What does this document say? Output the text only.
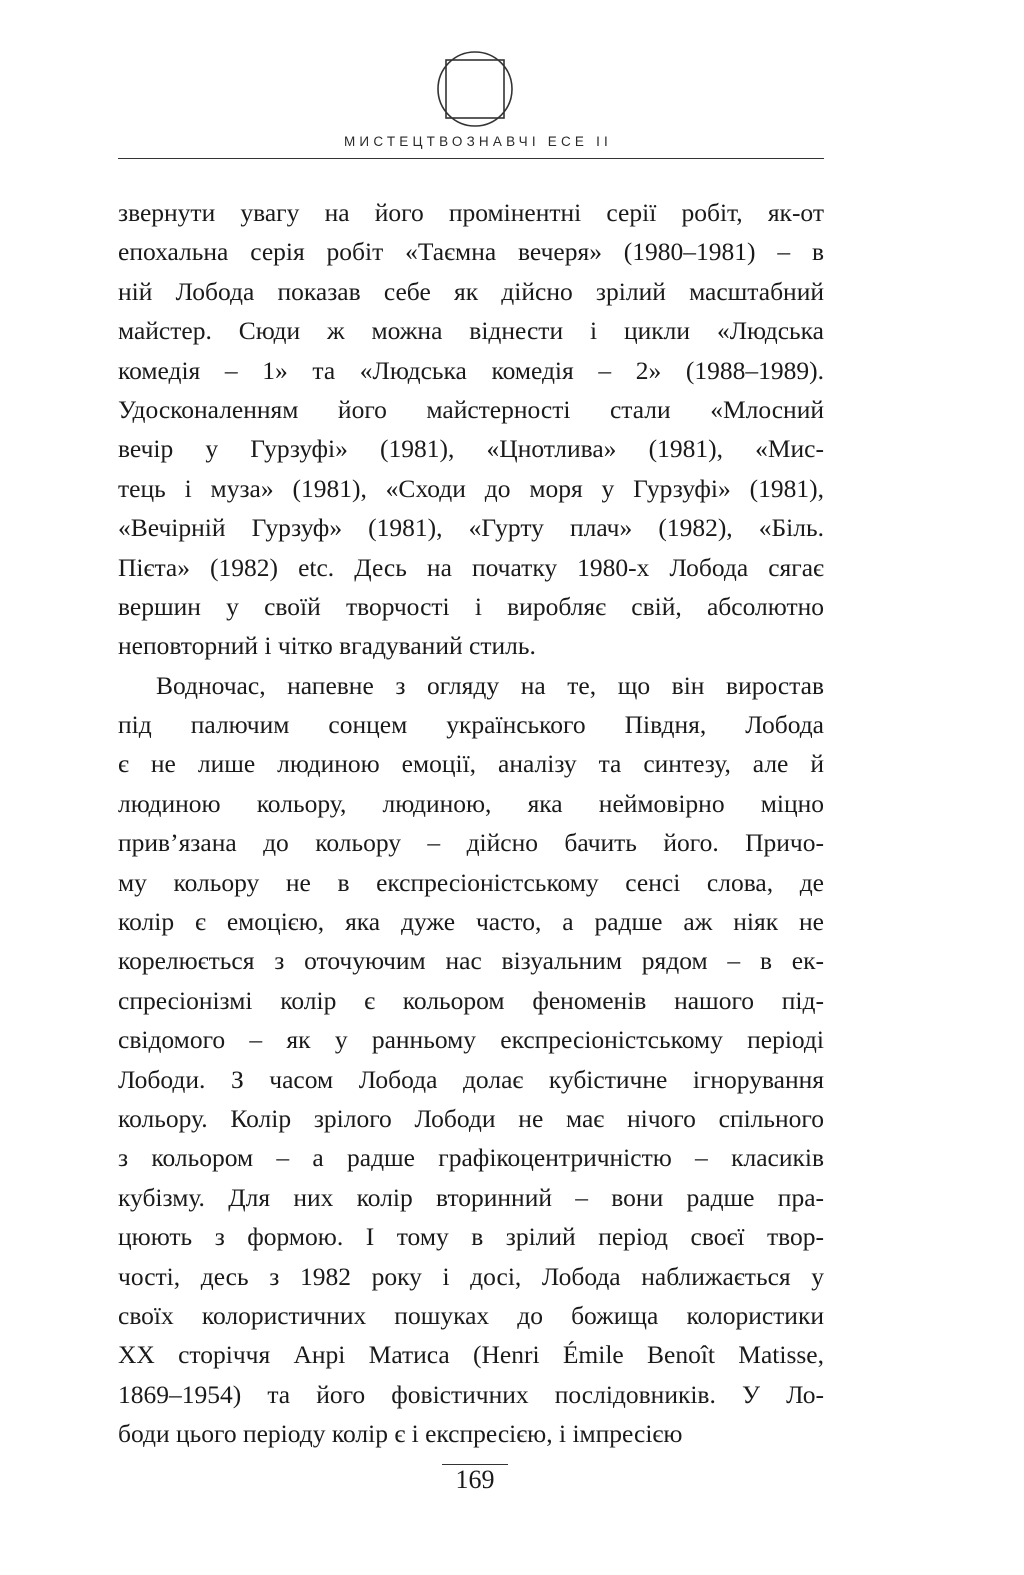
МИСТЕЦТВОЗНАВЧІ ЕСЕ ІІ
звернути увагу на його промінентні серії робіт, як-от
епохальна серія робіт «Таємна вечеря» (1980–1981) – в
ній Лобода показав себе як дійсно зрілий масштабний
майстер. Сюди ж можна віднести і цикли «Людська
комедія – 1» та «Людська комедія – 2» (1988–1989).
Удосконаленням його майстерності стали «Млосний
вечір у Гурзуфі» (1981), «Цнотлива» (1981), «Мис-
тець і муза» (1981), «Сходи до моря у Гурзуфі» (1981),
«Вечірній Гурзуф» (1981), «Гурту плач» (1982), «Біль.
Пієта» (1982) etc. Десь на початку 1980-х Лобода сягає
вершин у своїй творчості і виробляє свій, абсолютно
неповторний і чітко вгадуваний стиль.
Водночас, напевне з огляду на те, що він виростав
під палючим сонцем українського Півдня, Лобода
є не лише людиною емоції, аналізу та синтезу, але й
людиною кольору, людиною, яка неймовірно міцно
прив’язана до кольору – дійсно бачить його. Причо-
му кольору не в експресіоністському сенсі слова, де
колір є емоцією, яка дуже часто, а радше аж ніяк не
корелюється з оточуючим нас візуальним рядом – в ек-
спресіонізмі колір є кольором феноменів нашого під-
свідомого – як у ранньому експресіоністському періоді
Лободи. З часом Лобода долає кубістичне ігнорування
кольору. Колір зрілого Лободи не має нічого спільного
з кольором – а радше графікоцентричністю – класиків
кубізму. Для них колір вторинний – вони радше пра-
цюють з формою. І тому в зрілий період своєї твор-
чості, десь з 1982 року і досі, Лобода наближається у
своїх колористичних пошуках до божища колористики
ХХ сторіччя Анрі Матиса (Henri Émile Benoît Matisse,
1869–1954) та його фовістичних послідовників. У Ло-
боди цього періоду колір є і експресією, і імпресією
169
